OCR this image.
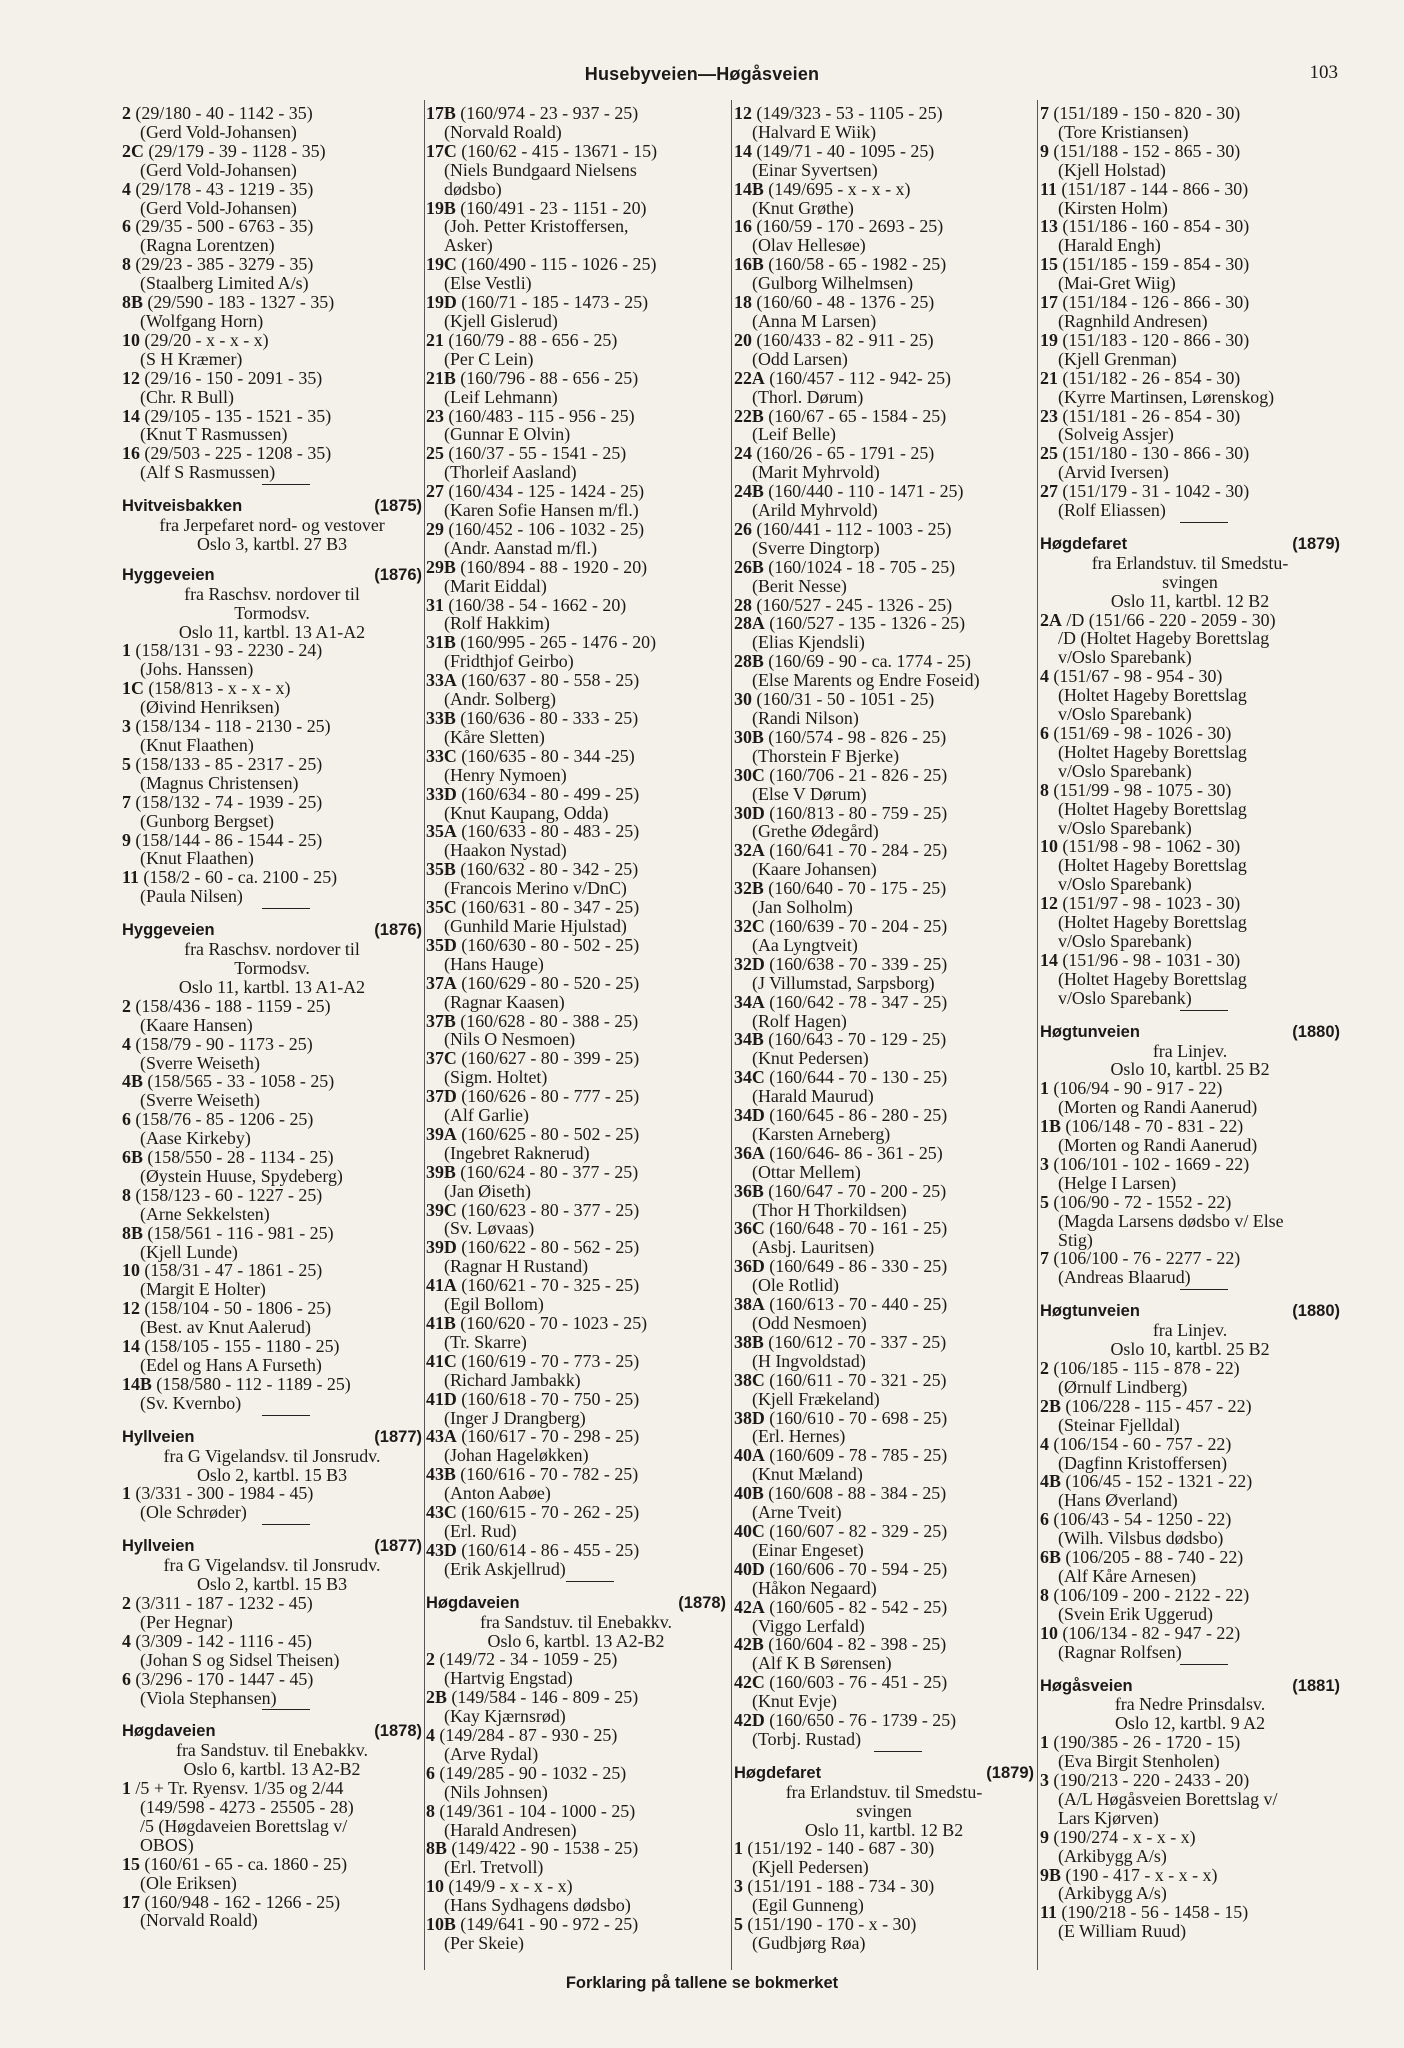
Husebyveien—Høgåsveien	103
2 (29/180 - 40 - 1142 - 35)
(Gerd Vold-Johansen)
2C (29/179 - 39 - 1128 - 35)
(Gerd Vold-Johansen)
4 (29/178 - 43 - 1219 - 35)
(Gerd Vold-Johansen)
6 (29/35 - 500 - 6763 - 35)
(Ragna Lorentzen)
8 (29/23 - 385 - 3279 - 35)
(Staalberg Limited A/s)
8B (29/590 - 183 - 1327 - 35)
(Wolfgang Horn)
10 (29/20 - x - x - x)
(S H Kræmer)
12 (29/16 - 150 - 2091 - 35)
(Chr. R Bull)
14 (29/105 - 135 - 1521 - 35)
(Knut T Rasmussen)
16 (29/503 - 225 - 1208 - 35)
(Alf S Rasmussen)
Hvitveisbakken	(1875)
fra Jerpefaret nord- og vestover
Oslo 3, kartbl. 27 B3
Hyggeveien	(1876)
fra Raschsv. nordover til
Tormodsv.
Oslo 11, kartbl. 13 A1-A2
1 (158/131 - 93 - 2230 - 24)
(Johs. Hanssen)
1C (158/813 - x - x - x)
(Øivind Henriksen)
3 (158/134 - 118 - 2130 - 25)
(Knut Flaathen)
5 (158/133 - 85 - 2317 - 25)
(Magnus Christensen)
7 (158/132 - 74 - 1939 - 25)
(Gunborg Bergset)
9 (158/144 - 86 - 1544 - 25)
(Knut Flaathen)
11 (158/2 - 60 - ca. 2100 - 25)
(Paula Nilsen)
Hyggeveien	(1876)
fra Raschsv. nordover til
Tormodsv.
Oslo 11, kartbl. 13 A1-A2
2 (158/436 - 188 - 1159 - 25)
(Kaare Hansen)
4 (158/79 - 90 - 1173 - 25)
(Sverre Weiseth)
4B (158/565 - 33 - 1058 - 25)
(Sverre Weiseth)
6 (158/76 - 85 - 1206 - 25)
(Aase Kirkeby)
6B (158/550 - 28 - 1134 - 25)
(Øystein Huuse, Spydeberg)
8 (158/123 - 60 - 1227 - 25)
(Arne Sekkelsten)
8B (158/561 - 116 - 981 - 25)
(Kjell Lunde)
10 (158/31 - 47 - 1861 - 25)
(Margit E Holter)
12 (158/104 - 50 - 1806 - 25)
(Best. av Knut Aalerud)
14 (158/105 - 155 - 1180 - 25)
(Edel og Hans A Furseth)
14B (158/580 - 112 - 1189 - 25)
(Sv. Kvernbo)
Hyllveien	(1877)
fra G Vigelandsv. til Jonsrudv.
Oslo 2, kartbl. 15 B3
1 (3/331 - 300 - 1984 - 45)
(Ole Schrøder)
Hyllveien	(1877)
fra G Vigelandsv. til Jonsrudv.
Oslo 2, kartbl. 15 B3
2 (3/311 - 187 - 1232 - 45)
(Per Hegnar)
4 (3/309 - 142 - 1116 - 45)
(Johan S og Sidsel Theisen)
6 (3/296 - 170 - 1447 - 45)
(Viola Stephansen)
Høgdaveien	(1878)
fra Sandstuv. til Enebakkv.
Oslo 6, kartbl. 13 A2-B2
1 /5 + Tr. Ryensv. 1/35 og 2/44
(149/598 - 4273 - 25505 - 28)
/5 (Høgdaveien Borettslag v/
OBOS)
15 (160/61 - 65 - ca. 1860 - 25)
(Ole Eriksen)
17 (160/948 - 162 - 1266 - 25)
(Norvald Roald)
17B (160/974 - 23 - 937 - 25)
(Norvald Roald)
17C (160/62 - 415 - 13671 - 15)
(Niels Bundgaard Nielsens
dødsbo)
19B (160/491 - 23 - 1151 - 20)
(Joh. Petter Kristoffersen,
Asker)
19C (160/490 - 115 - 1026 - 25)
(Else Vestli)
19D (160/71 - 185 - 1473 - 25)
(Kjell Gislerud)
21 (160/79 - 88 - 656 - 25)
(Per C Lein)
21B (160/796 - 88 - 656 - 25)
(Leif Lehmann)
23 (160/483 - 115 - 956 - 25)
(Gunnar E Olvin)
25 (160/37 - 55 - 1541 - 25)
(Thorleif Aasland)
27 (160/434 - 125 - 1424 - 25)
(Karen Sofie Hansen m/fl.)
29 (160/452 - 106 - 1032 - 25)
(Andr. Aanstad m/fl.)
29B (160/894 - 88 - 1920 - 20)
(Marit Eiddal)
31 (160/38 - 54 - 1662 - 20)
(Rolf Hakkim)
31B (160/995 - 265 - 1476 - 20)
(Fridthjof Geirbo)
33A (160/637 - 80 - 558 - 25)
(Andr. Solberg)
33B (160/636 - 80 - 333 - 25)
(Kåre Sletten)
33C (160/635 - 80 - 344 -25)
(Henry Nymoen)
33D (160/634 - 80 - 499 - 25)
(Knut Kaupang, Odda)
35A (160/633 - 80 - 483 - 25)
(Haakon Nystad)
35B (160/632 - 80 - 342 - 25)
(Francois Merino v/DnC)
35C (160/631 - 80 - 347 - 25)
(Gunhild Marie Hjulstad)
35D (160/630 - 80 - 502 - 25)
(Hans Hauge)
37A (160/629 - 80 - 520 - 25)
(Ragnar Kaasen)
37B (160/628 - 80 - 388 - 25)
(Nils O Nesmoen)
37C (160/627 - 80 - 399 - 25)
(Sigm. Holtet)
37D (160/626 - 80 - 777 - 25)
(Alf Garlie)
39A (160/625 - 80 - 502 - 25)
(Ingebret Raknerud)
39B (160/624 - 80 - 377 - 25)
(Jan Øiseth)
39C (160/623 - 80 - 377 - 25)
(Sv. Løvaas)
39D (160/622 - 80 - 562 - 25)
(Ragnar H Rustand)
41A (160/621 - 70 - 325 - 25)
(Egil Bollom)
41B (160/620 - 70 - 1023 - 25)
(Tr. Skarre)
41C (160/619 - 70 - 773 - 25)
(Richard Jambakk)
41D (160/618 - 70 - 750 - 25)
(Inger J Drangberg)
43A (160/617 - 70 - 298 - 25)
(Johan Hageløkken)
43B (160/616 - 70 - 782 - 25)
(Anton Aabøe)
43C (160/615 - 70 - 262 - 25)
(Erl. Rud)
43D (160/614 - 86 - 455 - 25)
(Erik Askjellrud)
Høgdaveien	(1878)
fra Sandstuv. til Enebakkv.
Oslo 6, kartbl. 13 A2-B2
2 (149/72 - 34 - 1059 - 25)
(Hartvig Engstad)
2B (149/584 - 146 - 809 - 25)
(Kay Kjærnsrød)
4 (149/284 - 87 - 930 - 25)
(Arve Rydal)
6 (149/285 - 90 - 1032 - 25)
(Nils Johnsen)
8 (149/361 - 104 - 1000 - 25)
(Harald Andresen)
8B (149/422 - 90 - 1538 - 25)
(Erl. Tretvoll)
10 (149/9 - x - x - x)
(Hans Sydhagens dødsbo)
10B (149/641 - 90 - 972 - 25)
(Per Skeie)
12 (149/323 - 53 - 1105 - 25)
(Halvard E Wiik)
14 (149/71 - 40 - 1095 - 25)
(Einar Syvertsen)
14B (149/695 - x - x - x)
(Knut Grøthe)
16 (160/59 - 170 - 2693 - 25)
(Olav Hellesøe)
16B (160/58 - 65 - 1982 - 25)
(Gulborg Wilhelmsen)
18 (160/60 - 48 - 1376 - 25)
(Anna M Larsen)
20 (160/433 - 82 - 911 - 25)
(Odd Larsen)
22A (160/457 - 112 - 942- 25)
(Thorl. Dørum)
22B (160/67 - 65 - 1584 - 25)
(Leif Belle)
24 (160/26 - 65 - 1791 - 25)
(Marit Myhrvold)
24B (160/440 - 110 - 1471 - 25)
(Arild Myhrvold)
26 (160/441 - 112 - 1003 - 25)
(Sverre Dingtorp)
26B (160/1024 - 18 - 705 - 25)
(Berit Nesse)
28 (160/527 - 245 - 1326 - 25)
28A (160/527 - 135 - 1326 - 25)
(Elias Kjendsli)
28B (160/69 - 90 - ca. 1774 - 25)
(Else Marents og Endre Foseid)
30 (160/31 - 50 - 1051 - 25)
(Randi Nilson)
30B (160/574 - 98 - 826 - 25)
(Thorstein F Bjerke)
30C (160/706 - 21 - 826 - 25)
(Else V Dørum)
30D (160/813 - 80 - 759 - 25)
(Grethe Ødegård)
32A (160/641 - 70 - 284 - 25)
(Kaare Johansen)
32B (160/640 - 70 - 175 - 25)
(Jan Solholm)
32C (160/639 - 70 - 204 - 25)
(Aa Lyngtveit)
32D (160/638 - 70 - 339 - 25)
(J Villumstad, Sarpsborg)
34A (160/642 - 78 - 347 - 25)
(Rolf Hagen)
34B (160/643 - 70 - 129 - 25)
(Knut Pedersen)
34C (160/644 - 70 - 130 - 25)
(Harald Maurud)
34D (160/645 - 86 - 280 - 25)
(Karsten Arneberg)
36A (160/646- 86 - 361 - 25)
(Ottar Mellem)
36B (160/647 - 70 - 200 - 25)
(Thor H Thorkildsen)
36C (160/648 - 70 - 161 - 25)
(Asbj. Lauritsen)
36D (160/649 - 86 - 330 - 25)
(Ole Rotlid)
38A (160/613 - 70 - 440 - 25)
(Odd Nesmoen)
38B (160/612 - 70 - 337 - 25)
(H Ingvoldstad)
38C (160/611 - 70 - 321 - 25)
(Kjell Frækeland)
38D (160/610 - 70 - 698 - 25)
(Erl. Hernes)
40A (160/609 - 78 - 785 - 25)
(Knut Mæland)
40B (160/608 - 88 - 384 - 25)
(Arne Tveit)
40C (160/607 - 82 - 329 - 25)
(Einar Engeset)
40D (160/606 - 70 - 594 - 25)
(Håkon Negaard)
42A (160/605 - 82 - 542 - 25)
(Viggo Lerfald)
42B (160/604 - 82 - 398 - 25)
(Alf K B Sørensen)
42C (160/603 - 76 - 451 - 25)
(Knut Evje)
42D (160/650 - 76 - 1739 - 25)
(Torbj. Rustad)
Høgdefaret	(1879)
fra Erlandstuv. til Smedstu-
svingen
Oslo 11, kartbl. 12 B2
1 (151/192 - 140 - 687 - 30)
(Kjell Pedersen)
3 (151/191 - 188 - 734 - 30)
(Egil Gunneng)
5 (151/190 - 170 - x - 30)
(Gudbjørg Røa)
7 (151/189 - 150 - 820 - 30)
(Tore Kristiansen)
9 (151/188 - 152 - 865 - 30)
(Kjell Holstad)
11 (151/187 - 144 - 866 - 30)
(Kirsten Holm)
13 (151/186 - 160 - 854 - 30)
(Harald Engh)
15 (151/185 - 159 - 854 - 30)
(Mai-Gret Wiig)
17 (151/184 - 126 - 866 - 30)
(Ragnhild Andresen)
19 (151/183 - 120 - 866 - 30)
(Kjell Grenman)
21 (151/182 - 26 - 854 - 30)
(Kyrre Martinsen, Lørenskog)
23 (151/181 - 26 - 854 - 30)
(Solveig Assjer)
25 (151/180 - 130 - 866 - 30)
(Arvid Iversen)
27 (151/179 - 31 - 1042 - 30)
(Rolf Eliassen)
Høgdefaret	(1879)
fra Erlandstuv. til Smedstu-
svingen
Oslo 11, kartbl. 12 B2
2A /D (151/66 - 220 - 2059 - 30)
/D (Holtet Hageby Borettslag
v/Oslo Sparebank)
4 (151/67 - 98 - 954 - 30)
(Holtet Hageby Borettslag
v/Oslo Sparebank)
6 (151/69 - 98 - 1026 - 30)
(Holtet Hageby Borettslag
v/Oslo Sparebank)
8 (151/99 - 98 - 1075 - 30)
(Holtet Hageby Borettslag
v/Oslo Sparebank)
10 (151/98 - 98 - 1062 - 30)
(Holtet Hageby Borettslag
v/Oslo Sparebank)
12 (151/97 - 98 - 1023 - 30)
(Holtet Hageby Borettslag
v/Oslo Sparebank)
14 (151/96 - 98 - 1031 - 30)
(Holtet Hageby Borettslag
v/Oslo Sparebank)
Høgtunveien	(1880)
fra Linjev.
Oslo 10, kartbl. 25 B2
1 (106/94 - 90 - 917 - 22)
(Morten og Randi Aanerud)
1B (106/148 - 70 - 831 - 22)
(Morten og Randi Aanerud)
3 (106/101 - 102 - 1669 - 22)
(Helge I Larsen)
5 (106/90 - 72 - 1552 - 22)
(Magda Larsens dødsbo v/ Else
Stig)
7 (106/100 - 76 - 2277 - 22)
(Andreas Blaarud)
Høgtunveien	(1880)
fra Linjev.
Oslo 10, kartbl. 25 B2
2 (106/185 - 115 - 878 - 22)
(Ørnulf Lindberg)
2B (106/228 - 115 - 457 - 22)
(Steinar Fjelldal)
4 (106/154 - 60 - 757 - 22)
(Dagfinn Kristoffersen)
4B (106/45 - 152 - 1321 - 22)
(Hans Øverland)
6 (106/43 - 54 - 1250 - 22)
(Wilh. Vilsbus dødsbo)
6B (106/205 - 88 - 740 - 22)
(Alf Kåre Arnesen)
8 (106/109 - 200 - 2122 - 22)
(Svein Erik Uggerud)
10 (106/134 - 82 - 947 - 22)
(Ragnar Rolfsen)
Høgåsveien	(1881)
fra Nedre Prinsdalsv.
Oslo 12, kartbl. 9 A2
1 (190/385 - 26 - 1720 - 15)
(Eva Birgit Stenholen)
3 (190/213 - 220 - 2433 - 20)
(A/L Høgåsveien Borettslag v/
Lars Kjørven)
9 (190/274 - x - x - x)
(Arkibygg A/s)
9B (190 - 417 - x - x - x)
(Arkibygg A/s)
11 (190/218 - 56 - 1458 - 15)
(E William Ruud)
Forklaring på tallene se bokmerket
